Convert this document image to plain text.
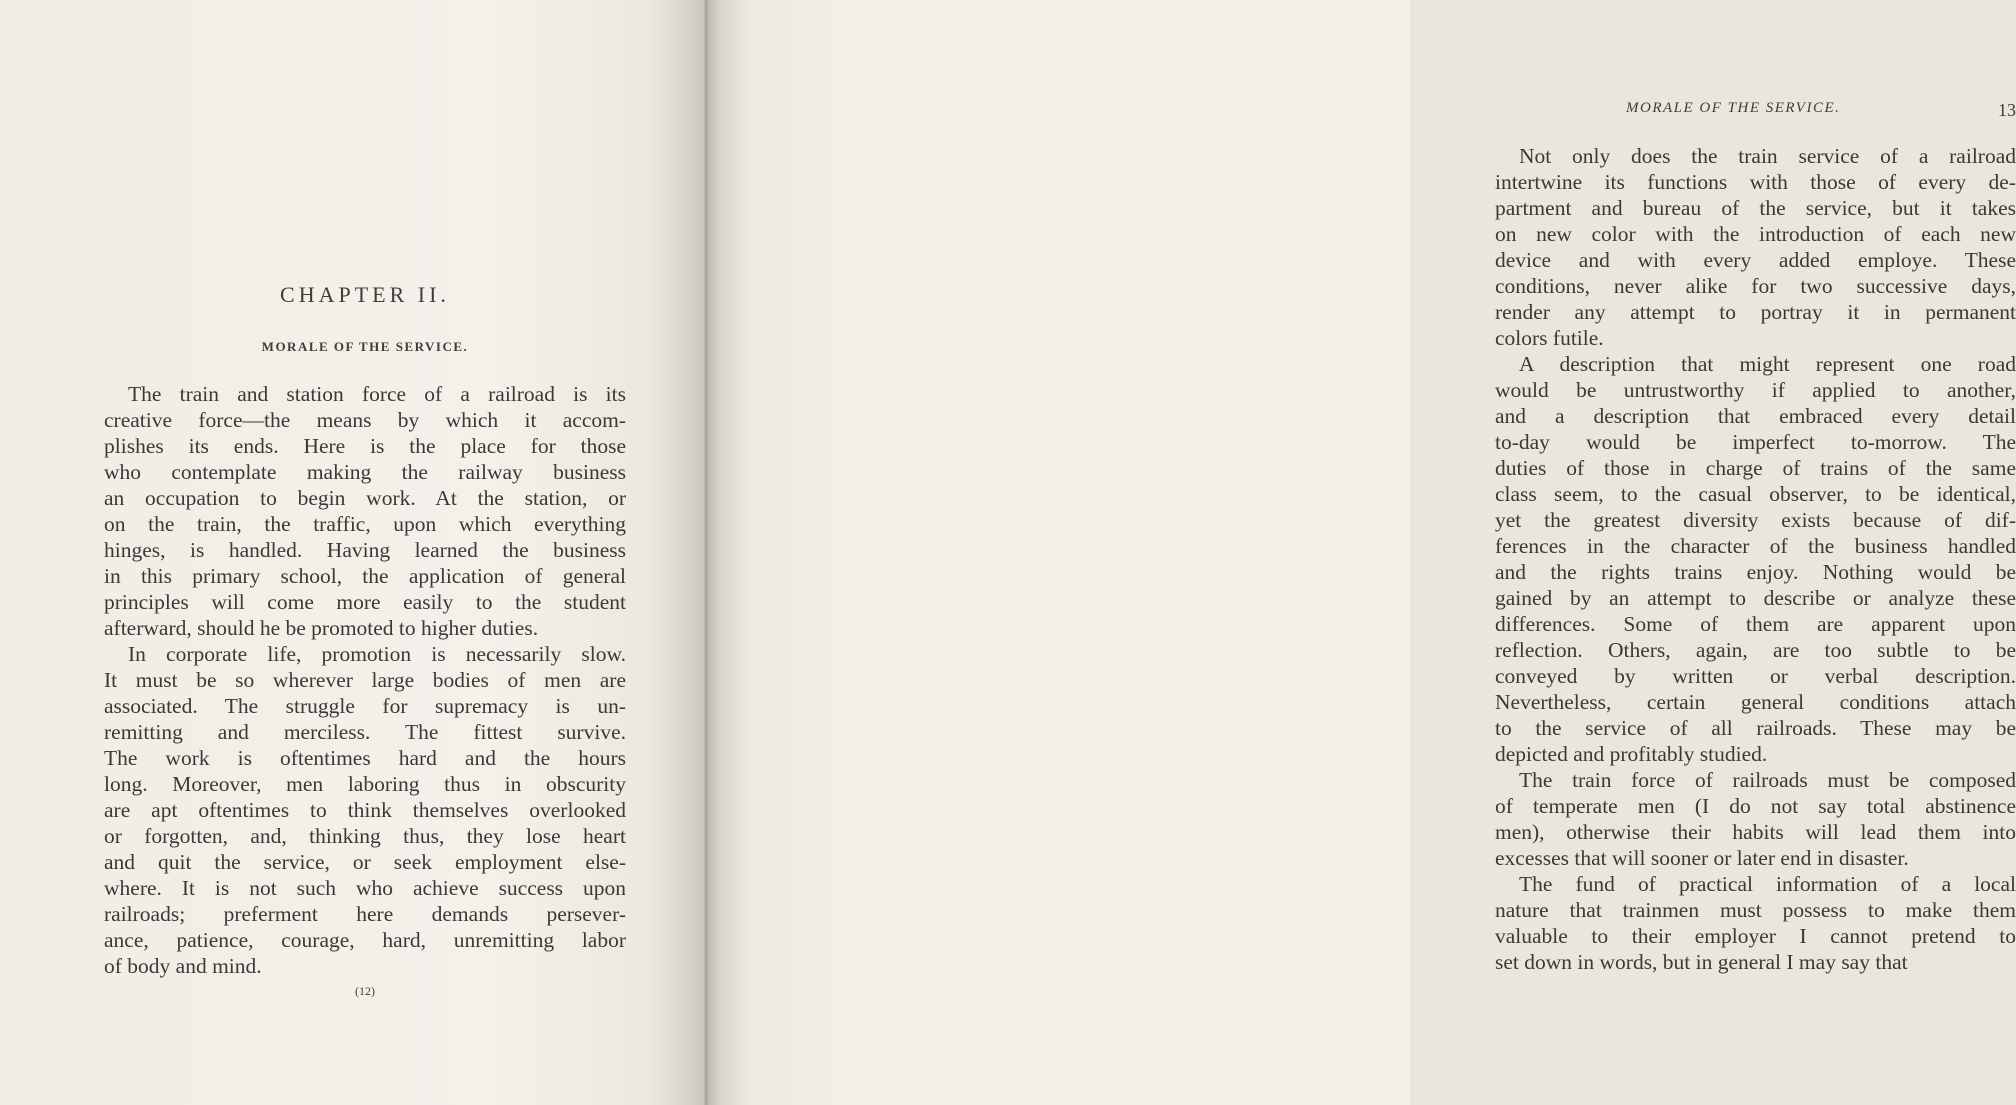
CHAPTER II.
MORALE OF THE SERVICE.

The train and station force of a railroad is its

creative force—the means by which it accom-

plishes its ends. Here is the place for those

who contemplate making the railway business

an occupation to begin work. At the station, or

on the train, the traffic, upon which everything

hinges, is handled. Having learned the business

in this primary school, the application of general

principles will come more easily to the student

afterward, should he be promoted to higher duties.

In corporate life, promotion is necessarily slow.

It must be so wherever large bodies of men are

associated. The struggle for supremacy is un-

remitting and merciless. The fittest survive.

The work is oftentimes hard and the hours

long. Moreover, men laboring thus in obscurity

are apt oftentimes to think themselves overlooked

or forgotten, and, thinking thus, they lose heart

and quit the service, or seek employment else-

where. It is not such who achieve success upon

railroads; preferment here demands persever-

ance, patience, courage, hard, unremitting labor

of body and mind.

(12)
MORALE OF THE SERVICE.	13

Not only does the train service of a railroad

intertwine its functions with those of every de-

partment and bureau of the service, but it takes

on new color with the introduction of each new

device and with every added employe. These

conditions, never alike for two successive days,

render any attempt to portray it in permanent

colors futile.

A description that might represent one road

would be untrustworthy if applied to another,

and a description that embraced every detail

to-day would be imperfect to-morrow. The

duties of those in charge of trains of the same

class seem, to the casual observer, to be identical,

yet the greatest diversity exists because of dif-

ferences in the character of the business handled

and the rights trains enjoy. Nothing would be

gained by an attempt to describe or analyze these

differences. Some of them are apparent upon

reflection. Others, again, are too subtle to be

conveyed by written or verbal description.

Nevertheless, certain general conditions attach

to the service of all railroads. These may be

depicted and profitably studied.

The train force of railroads must be composed

of temperate men (I do not say total abstinence

men), otherwise their habits will lead them into

excesses that will sooner or later end in disaster.

The fund of practical information of a local

nature that trainmen must possess to make them

valuable to their employer I cannot pretend to

set down in words, but in general I may say that
